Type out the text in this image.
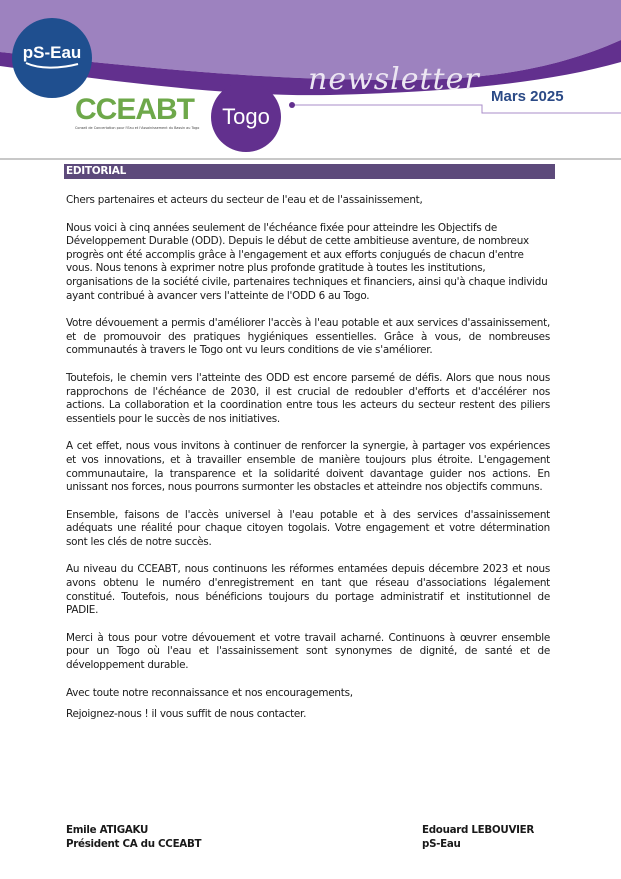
pS-Eau
CCEABT
Conseil de Concertation pour l'Eau et l'Assainissement du Bassin au Togo	Togo
newsletter Mars 2025
EDITORIAL

Chers partenaires et acteurs du secteur de l'eau et de l'assainissement,

Nous voici à cinq années seulement de l'échéance fixée pour atteindre les Objectifs de Développement Durable (ODD). Depuis le début de cette ambitieuse aventure, de nombreux progrès ont été accomplis grâce à l'engagement et aux efforts conjugués de chacun d'entre vous. Nous tenons à exprimer notre plus profonde gratitude à toutes les institutions, organisations de la société civile, partenaires techniques et financiers, ainsi qu'à chaque individu ayant contribué à avancer vers l'atteinte de l'ODD 6 au Togo.

Votre dévouement a permis d'améliorer l'accès à l'eau potable et aux services d'assainissement, et de promouvoir des pratiques hygiéniques essentielles. Grâce à vous, de nombreuses communautés à travers le Togo ont vu leurs conditions de vie s'améliorer.

Toutefois, le chemin vers l'atteinte des ODD est encore parsemé de défis. Alors que nous nous rapprochons de l'échéance de 2030, il est crucial de redoubler d'efforts et d'accélérer nos actions. La collaboration et la coordination entre tous les acteurs du secteur restent des piliers essentiels pour le succès de nos initiatives.

A cet effet, nous vous invitons à continuer de renforcer la synergie, à partager vos expériences et vos innovations, et à travailler ensemble de manière toujours plus étroite. L'engagement communautaire, la transparence et la solidarité doivent davantage guider nos actions. En unissant nos forces, nous pourrons surmonter les obstacles et atteindre nos objectifs communs.

Ensemble, faisons de l'accès universel à l'eau potable et à des services d'assainissement adéquats une réalité pour chaque citoyen togolais. Votre engagement et votre détermination sont les clés de notre succès.

Au niveau du CCEABT, nous continuons les réformes entamées depuis décembre 2023 et nous avons obtenu le numéro d'enregistrement en tant que réseau d'associations légalement constitué. Toutefois, nous bénéficions toujours du portage administratif et institutionnel de PADIE.

Merci à tous pour votre dévouement et votre travail acharné. Continuons à œuvrer ensemble pour un Togo où l'eau et l'assainissement sont synonymes de dignité, de santé et de développement durable.

Avec toute notre reconnaissance et nos encouragements,

Rejoignez-nous ! il vous suffit de nous contacter.

Emile ATIGAKU
Président CA du CCEABT
Edouard LEBOUVIER
pS-Eau
